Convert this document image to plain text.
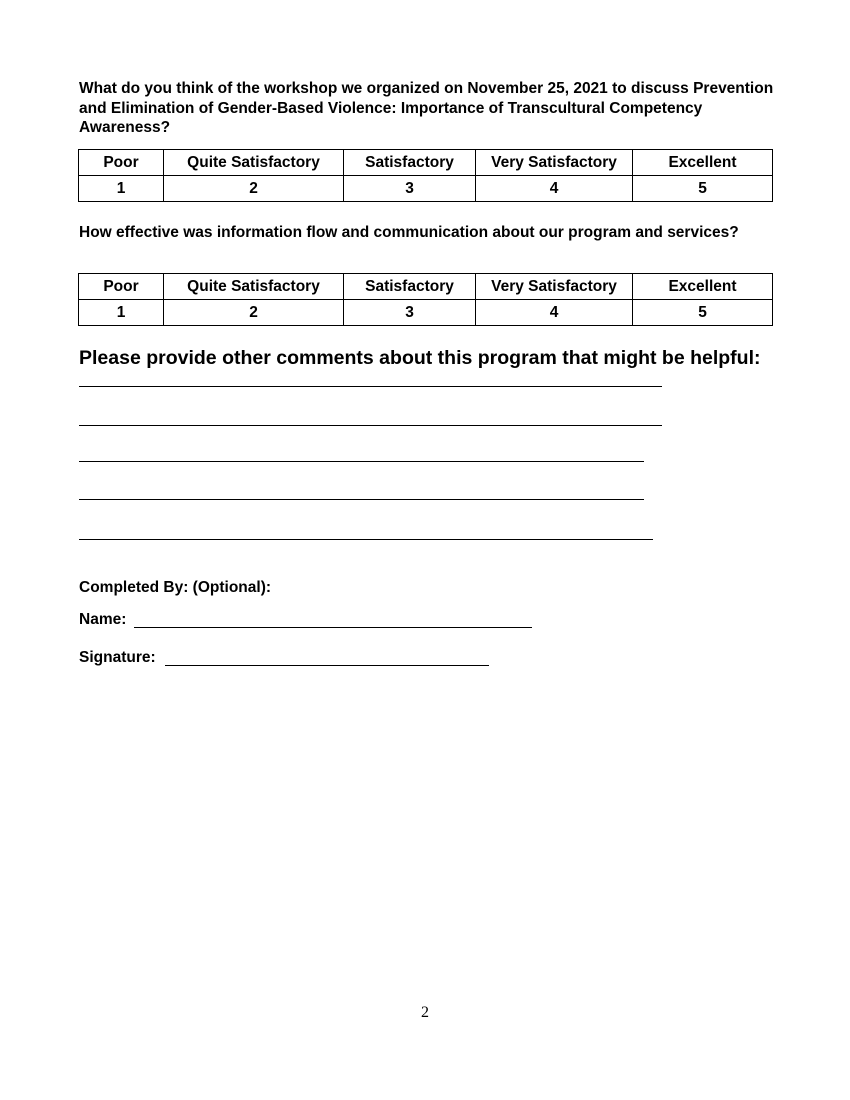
What do you think of the workshop we organized on November 25, 2021 to discuss Prevention and Elimination of Gender-Based Violence: Importance of Transcultural Competency Awareness?

Poor	Quite Satisfactory	Satisfactory	Very Satisfactory	Excellent
1	2	3	4	5

How effective was information flow and communication about our program and services?

Poor	Quite Satisfactory	Satisfactory	Very Satisfactory	Excellent
1	2	3	4	5

Please provide other comments about this program that might be helpful:

Completed By: (Optional):

Name:

Signature:

2
